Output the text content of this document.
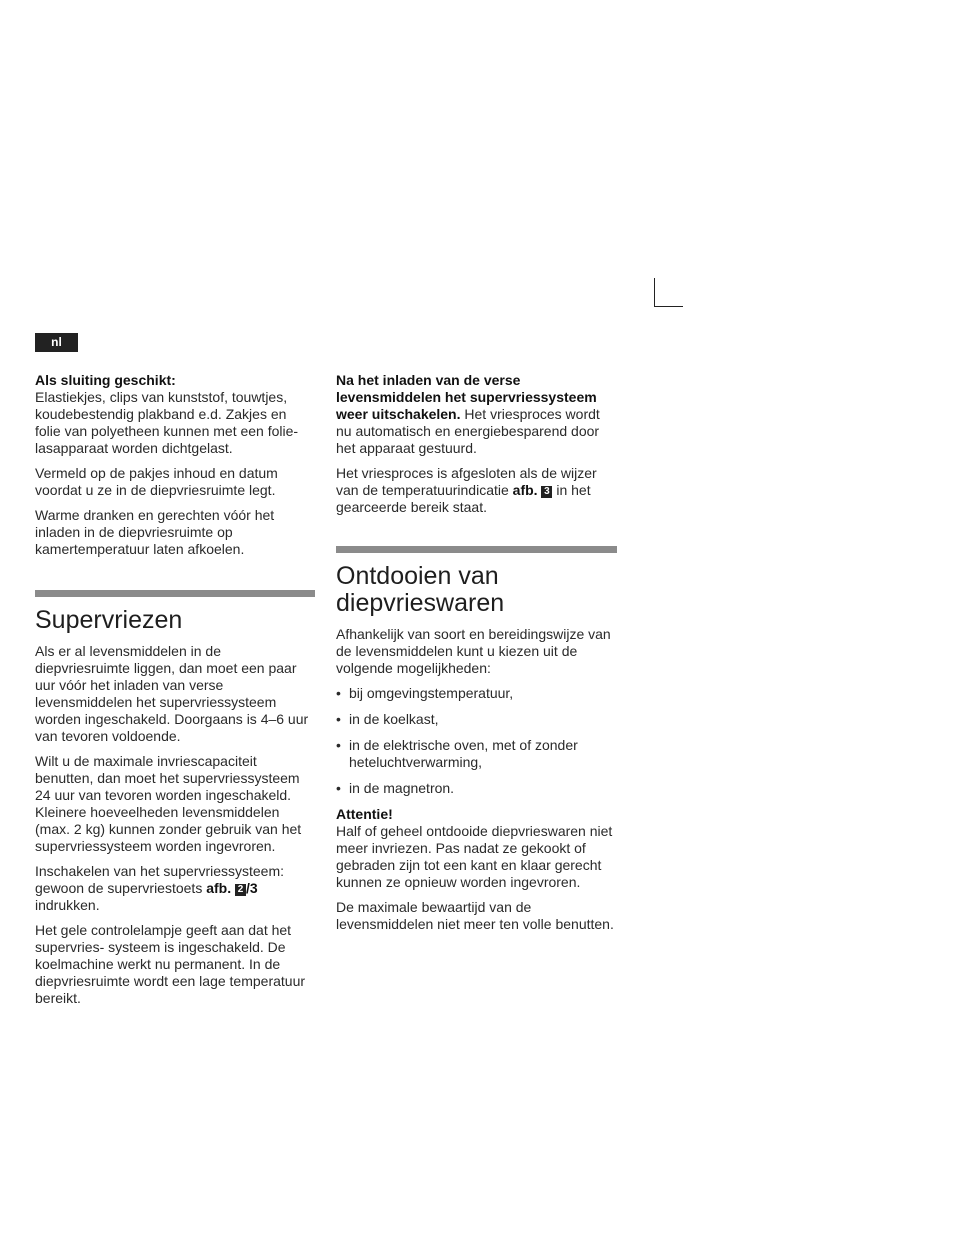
nl

Als sluiting geschikt:

Elastiekjes, clips van kunststof, touwtjes, koudebestendig plakband e.d. Zakjes en folie van polyetheen kunnen met een folie-lasapparaat worden dichtgelast.

Vermeld op de pakjes inhoud en datum voordat u ze in de diepvriesruimte legt.

Warme dranken en gerechten vóór het inladen in de diepvriesruimte op kamertemperatuur laten afkoelen.

Supervriezen

Als er al levensmiddelen in de diepvriesruimte liggen, dan moet een paar uur vóór het inladen van verse levensmiddelen het supervriessysteem worden ingeschakeld. Doorgaans is 4–6 uur van tevoren voldoende.

Wilt u de maximale invriescapaciteit benutten, dan moet het supervriessysteem 24 uur van tevoren worden ingeschakeld. Kleinere hoeveelheden levensmiddelen (max. 2 kg) kunnen zonder gebruik van het supervriessysteem worden ingevroren.

Inschakelen van het supervriessysteem: gewoon de supervriestoets afb. 2 /3 indrukken.

Het gele controlelampje geeft aan dat het supervries- systeem is ingeschakeld. De koelmachine werkt nu permanent. In de diepvriesruimte wordt een lage temperatuur bereikt.

Na het inladen van de verse levensmiddelen het supervriessysteem weer uitschakelen. Het vriesproces wordt nu automatisch en energiebesparend door het apparaat gestuurd.

Het vriesproces is afgesloten als de wijzer van de temperatuurindicatie afb. 3 in het gearceerde bereik staat.

Ontdooien van diepvrieswaren

Afhankelijk van soort en bereidingswijze van de levensmiddelen kunt u kiezen uit de volgende mogelijkheden:

• bij omgevingstemperatuur,
• in de koelkast,
• in de elektrische oven, met of zonder heteluchtverwarming,
• in de magnetron.

Attentie!

Half of geheel ontdooide diepvrieswaren niet meer invriezen. Pas nadat ze gekookt of gebraden zijn tot een kant en klaar gerecht kunnen ze opnieuw worden ingevroren.

De maximale bewaartijd van de levensmiddelen niet meer ten volle benutten.
